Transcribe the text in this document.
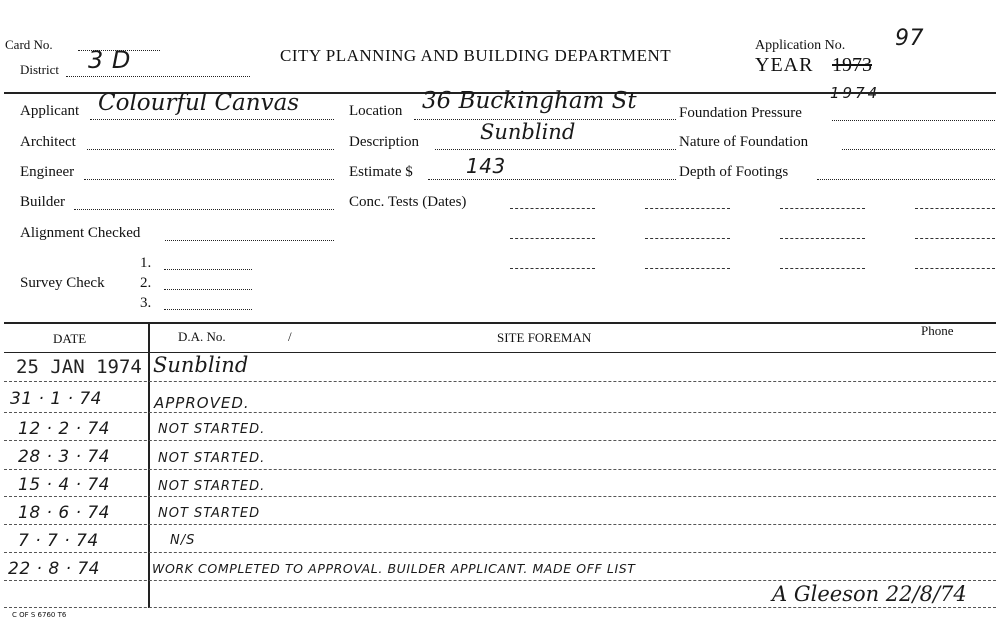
Card No.
District 3 D	CITY PLANNING AND BUILDING DEPARTMENT
Application No. 97
YEAR 1973
1974
Applicant Colourful Canvas
Architect
Engineer
Builder
Alignment Checked
1.
Survey Check 2.
3.
Location 36 Buckingham St
Description	Sunblind
Estimate $	143
Conc. Tests (Dates)
Foundation Pressure
Nature of Foundation
Depth of Footings
DATE	D.A. No.	/	SITE FOREMAN	Phone
25 JAN 1974 Sunblind
31 · 1 · 74	APPROVED.
12 · 2 · 74	NOT STARTED.
28 · 3 · 74	NOT STARTED.
15 · 4 · 74	NOT STARTED.
18 · 6 · 74	NOT STARTED
7 · 7 · 74	N/S
22 · 8 · 74	WORK COMPLETED TO APPROVAL. BUILDER APPLICANT. MADE OFF LIST
A Gleeson 22/8/74
C OF S 6760 T6
